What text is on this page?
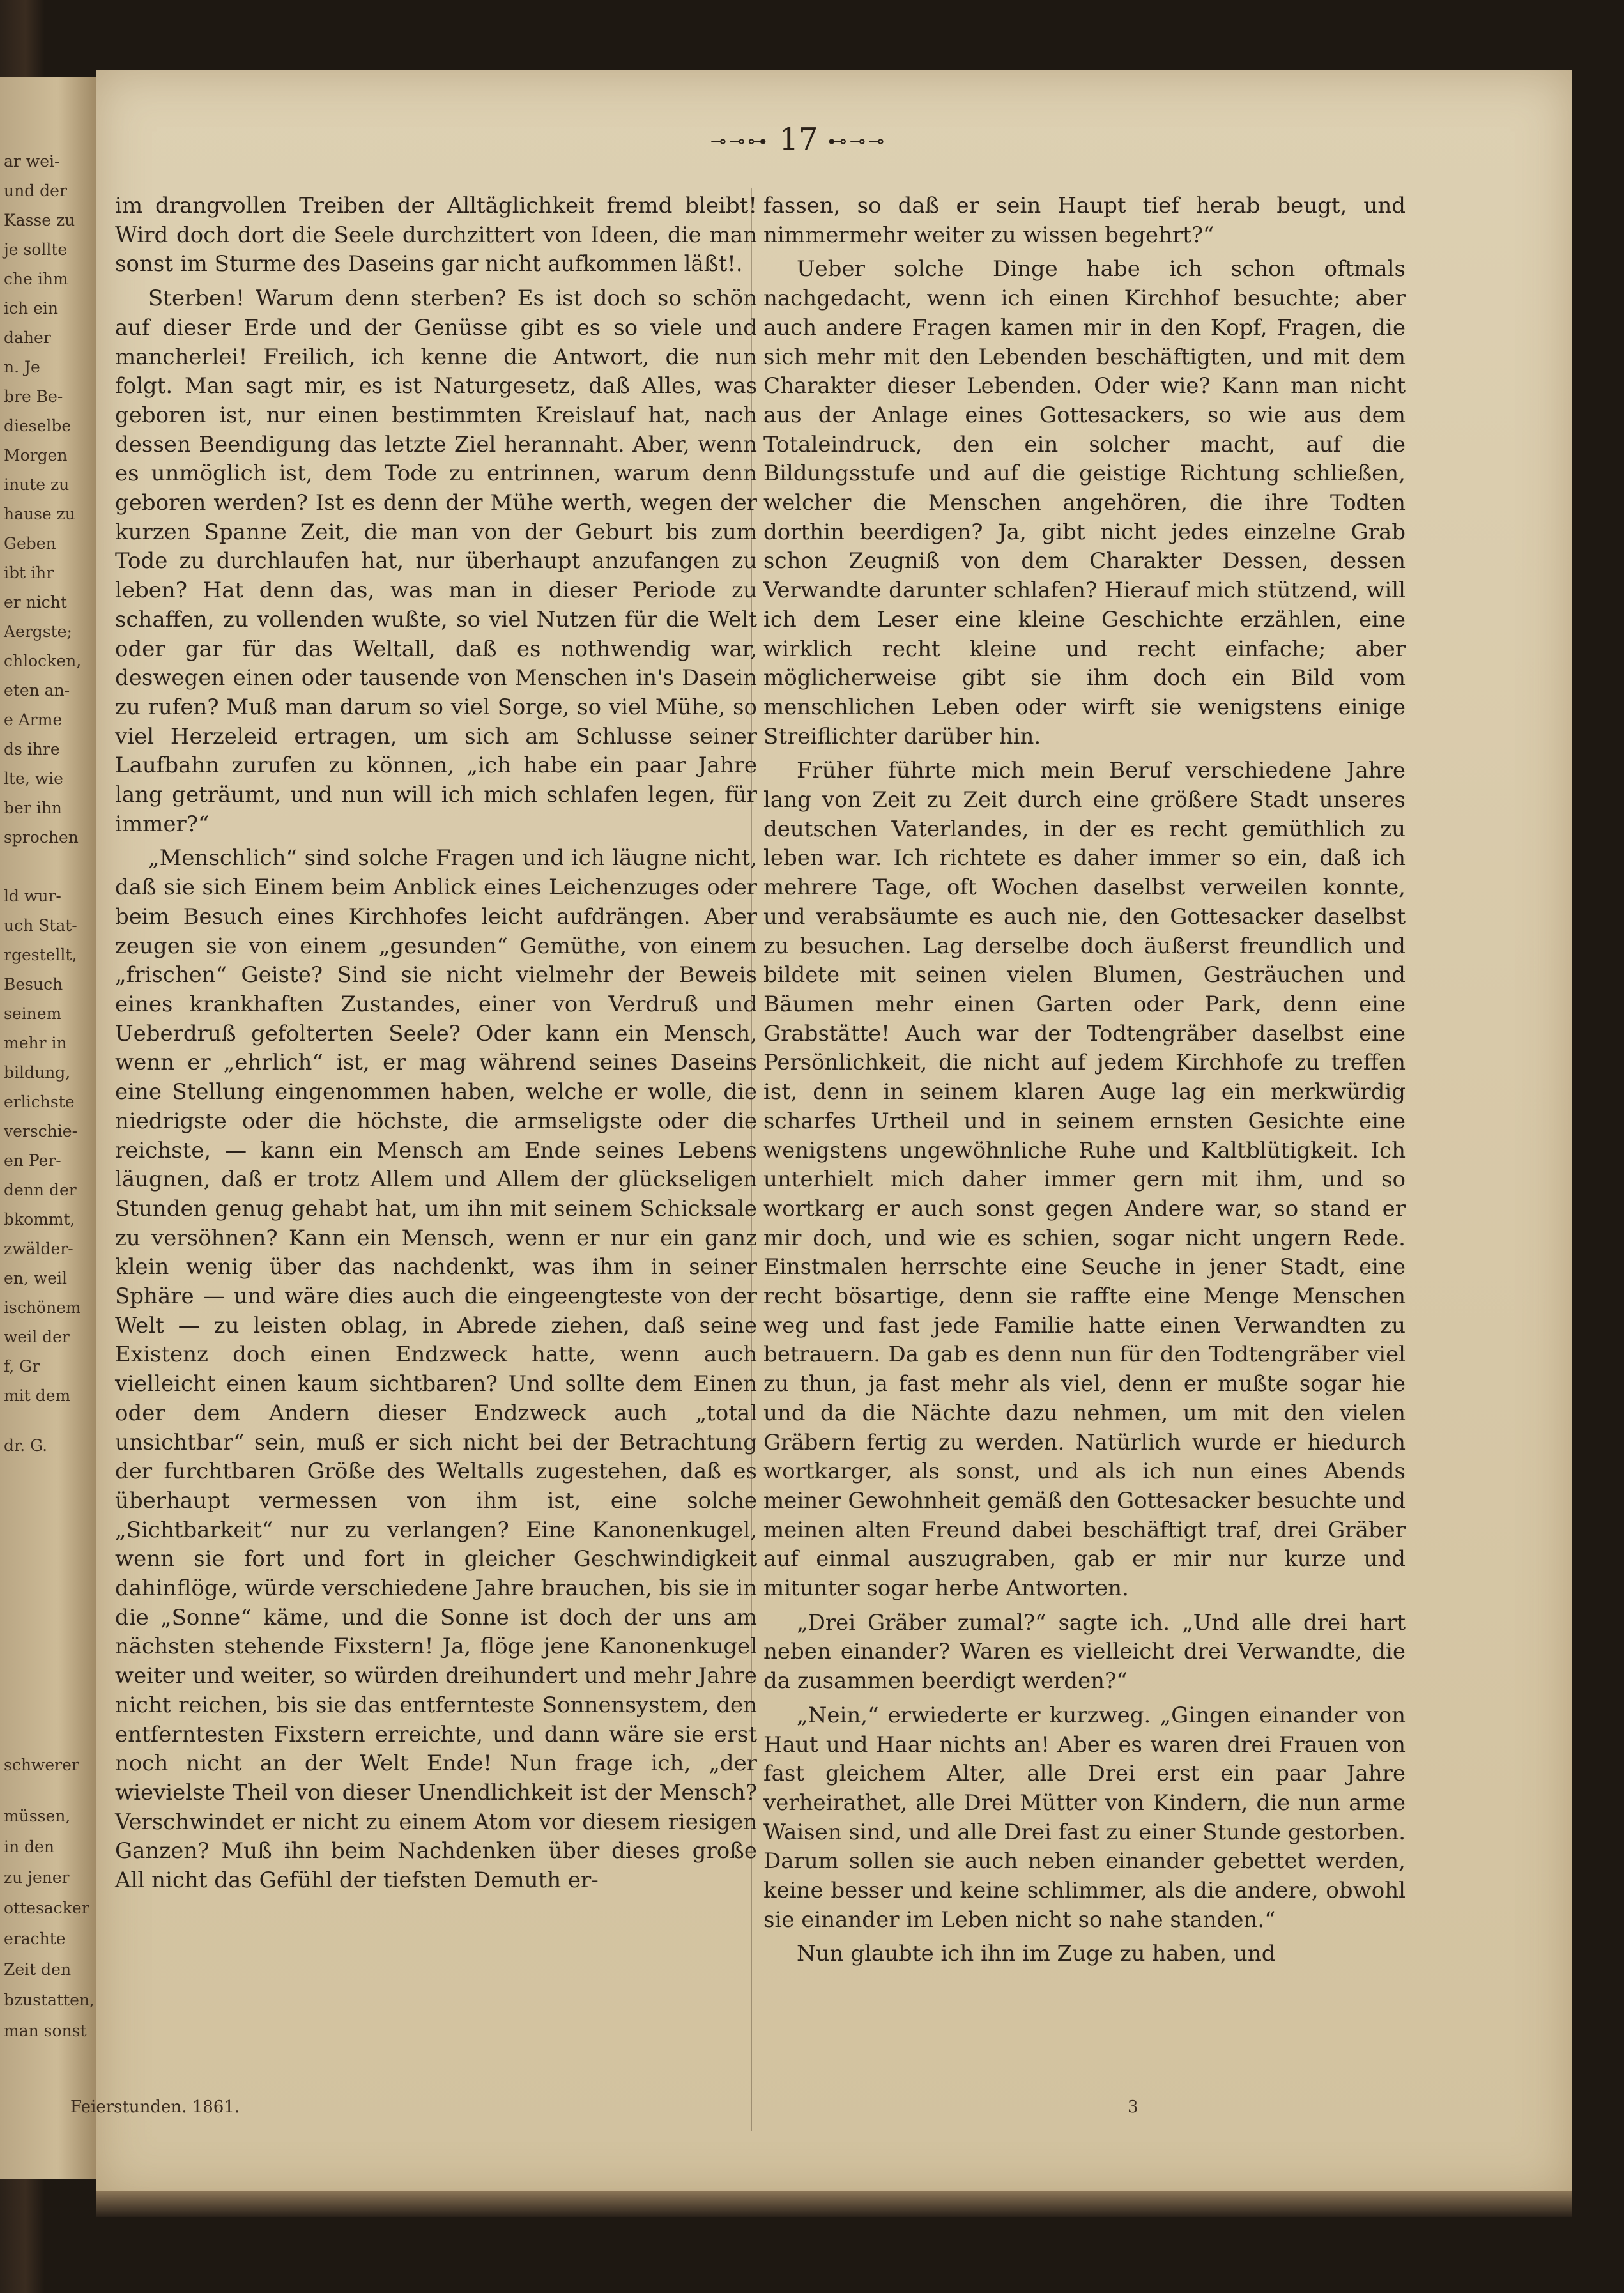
ar wei-
und der
Kasse zu
je sollte
che ihm
ich ein
daher
n. Je
bre Be-
dieselbe
Morgen
inute zu
hause zu
Geben
ibt ihr
er nicht
Aergste;
chlocken,
eten an-
e Arme
ds ihre
lte, wie
ber ihn
sprochen
ld wur-
uch Stat-
rgestellt,
Besuch
seinem
mehr in
bildung,
erlichste
verschie-
en Per-
denn der
bkommt,
zwälder-
en, weil
ischönem
weil der
f, Gr
mit dem
dr. G.
schwerer
müssen,
in den
zu jener
ottesacker
erachte
Zeit den
bzustatten,
man sonst
⊸⊸⊶ 17 ⊷⊸⊸

im drangvollen Treiben der Alltäglichkeit fremd bleibt! Wird doch dort die Seele durchzittert von Ideen, die man sonst im Sturme des Daseins gar nicht aufkommen läßt!.

Sterben! Warum denn sterben? Es ist doch so schön auf dieser Erde und der Genüsse gibt es so viele und mancherlei! Freilich, ich kenne die Antwort, die nun folgt. Man sagt mir, es ist Naturgesetz, daß Alles, was geboren ist, nur einen bestimmten Kreislauf hat, nach dessen Beendigung das letzte Ziel herannaht. Aber, wenn es unmöglich ist, dem Tode zu entrinnen, warum denn geboren werden? Ist es denn der Mühe werth, wegen der kurzen Spanne Zeit, die man von der Geburt bis zum Tode zu durchlaufen hat, nur überhaupt anzufangen zu leben? Hat denn das, was man in dieser Periode zu schaffen, zu vollenden wußte, so viel Nutzen für die Welt oder gar für das Weltall, daß es nothwendig war, deswegen einen oder tausende von Menschen in's Dasein zu rufen? Muß man darum so viel Sorge, so viel Mühe, so viel Herzeleid ertragen, um sich am Schlusse seiner Laufbahn zurufen zu können, „ich habe ein paar Jahre lang geträumt, und nun will ich mich schlafen legen, für immer?“

„Menschlich“ sind solche Fragen und ich läugne nicht, daß sie sich Einem beim Anblick eines Leichenzuges oder beim Besuch eines Kirchhofes leicht aufdrängen. Aber zeugen sie von einem „gesunden“ Gemüthe, von einem „frischen“ Geiste? Sind sie nicht vielmehr der Beweis eines krankhaften Zustandes, einer von Verdruß und Ueberdruß gefolterten Seele? Oder kann ein Mensch, wenn er „ehrlich“ ist, er mag während seines Daseins eine Stellung eingenommen haben, welche er wolle, die niedrigste oder die höchste, die armseligste oder die reichste, — kann ein Mensch am Ende seines Lebens läugnen, daß er trotz Allem und Allem der glückseligen Stunden genug gehabt hat, um ihn mit seinem Schicksale zu versöhnen? Kann ein Mensch, wenn er nur ein ganz klein wenig über das nachdenkt, was ihm in seiner Sphäre — und wäre dies auch die eingeengteste von der Welt — zu leisten oblag, in Abrede ziehen, daß seine Existenz doch einen Endzweck hatte, wenn auch vielleicht einen kaum sichtbaren? Und sollte dem Einen oder dem Andern dieser Endzweck auch „total unsichtbar“ sein, muß er sich nicht bei der Betrachtung der furchtbaren Größe des Weltalls zugestehen, daß es überhaupt vermessen von ihm ist, eine solche „Sichtbarkeit“ nur zu verlangen? Eine Kanonenkugel, wenn sie fort und fort in gleicher Geschwindigkeit dahinflöge, würde verschiedene Jahre brauchen, bis sie in die „Sonne“ käme, und die Sonne ist doch der uns am nächsten stehende Fixstern! Ja, flöge jene Kanonenkugel weiter und weiter, so würden dreihundert und mehr Jahre nicht reichen, bis sie das entfernteste Sonnensystem, den entferntesten Fixstern erreichte, und dann wäre sie erst noch nicht an der Welt Ende! Nun frage ich, „der wievielste Theil von dieser Unendlichkeit ist der Mensch? Verschwindet er nicht zu einem Atom vor diesem riesigen Ganzen? Muß ihn beim Nachdenken über dieses große All nicht das Gefühl der tiefsten Demuth er-

fassen, so daß er sein Haupt tief herab beugt, und nimmermehr weiter zu wissen begehrt?“

Ueber solche Dinge habe ich schon oftmals nachgedacht, wenn ich einen Kirchhof besuchte; aber auch andere Fragen kamen mir in den Kopf, Fragen, die sich mehr mit den Lebenden beschäftigten, und mit dem Charakter dieser Lebenden. Oder wie? Kann man nicht aus der Anlage eines Gottesackers, so wie aus dem Totaleindruck, den ein solcher macht, auf die Bildungsstufe und auf die geistige Richtung schließen, welcher die Menschen angehören, die ihre Todten dorthin beerdigen? Ja, gibt nicht jedes einzelne Grab schon Zeugniß von dem Charakter Dessen, dessen Verwandte darunter schlafen? Hierauf mich stützend, will ich dem Leser eine kleine Geschichte erzählen, eine wirklich recht kleine und recht einfache; aber möglicherweise gibt sie ihm doch ein Bild vom menschlichen Leben oder wirft sie wenigstens einige Streiflichter darüber hin.

Früher führte mich mein Beruf verschiedene Jahre lang von Zeit zu Zeit durch eine größere Stadt unseres deutschen Vaterlandes, in der es recht gemüthlich zu leben war. Ich richtete es daher immer so ein, daß ich mehrere Tage, oft Wochen daselbst verweilen konnte, und verabsäumte es auch nie, den Gottesacker daselbst zu besuchen. Lag derselbe doch äußerst freundlich und bildete mit seinen vielen Blumen, Gesträuchen und Bäumen mehr einen Garten oder Park, denn eine Grabstätte! Auch war der Todtengräber daselbst eine Persönlichkeit, die nicht auf jedem Kirchhofe zu treffen ist, denn in seinem klaren Auge lag ein merkwürdig scharfes Urtheil und in seinem ernsten Gesichte eine wenigstens ungewöhnliche Ruhe und Kaltblütigkeit. Ich unterhielt mich daher immer gern mit ihm, und so wortkarg er auch sonst gegen Andere war, so stand er mir doch, und wie es schien, sogar nicht ungern Rede. Einstmalen herrschte eine Seuche in jener Stadt, eine recht bösartige, denn sie raffte eine Menge Menschen weg und fast jede Familie hatte einen Verwandten zu betrauern. Da gab es denn nun für den Todtengräber viel zu thun, ja fast mehr als viel, denn er mußte sogar hie und da die Nächte dazu nehmen, um mit den vielen Gräbern fertig zu werden. Natürlich wurde er hiedurch wortkarger, als sonst, und als ich nun eines Abends meiner Gewohnheit gemäß den Gottesacker besuchte und meinen alten Freund dabei beschäftigt traf, drei Gräber auf einmal auszugraben, gab er mir nur kurze und mitunter sogar herbe Antworten.

„Drei Gräber zumal?“ sagte ich. „Und alle drei hart neben einander? Waren es vielleicht drei Verwandte, die da zusammen beerdigt werden?“

„Nein,“ erwiederte er kurzweg. „Gingen einander von Haut und Haar nichts an! Aber es waren drei Frauen von fast gleichem Alter, alle Drei erst ein paar Jahre verheirathet, alle Drei Mütter von Kindern, die nun arme Waisen sind, und alle Drei fast zu einer Stunde gestorben. Darum sollen sie auch neben einander gebettet werden, keine besser und keine schlimmer, als die andere, obwohl sie einander im Leben nicht so nahe standen.“

Nun glaubte ich ihn im Zuge zu haben, und

Feierstunden. 1861.	3
